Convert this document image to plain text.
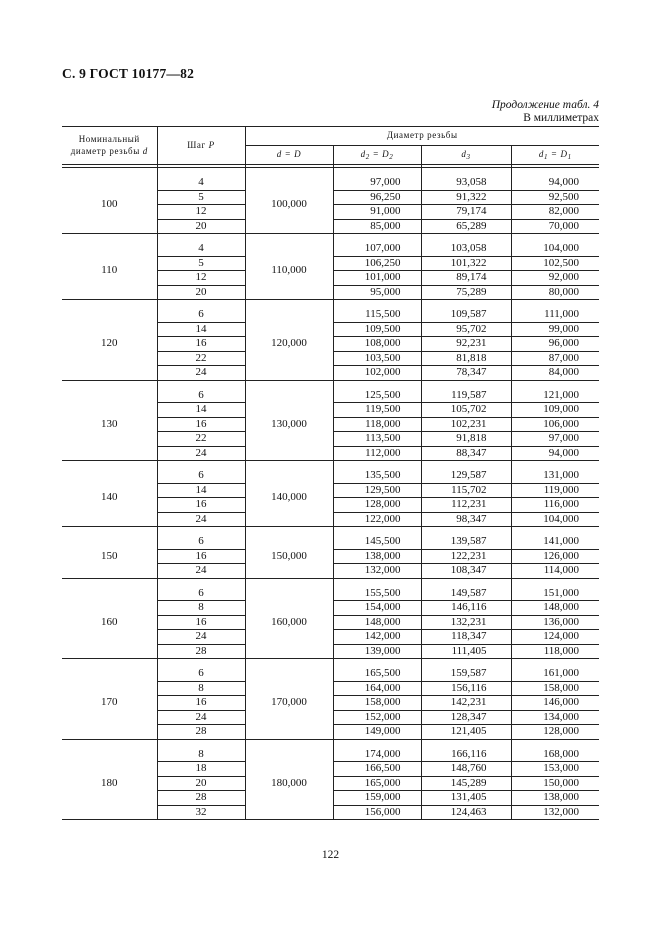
С. 9 ГОСТ 10177—82
Продолжение табл. 4
В миллиметрах
Номинальный
диаметр резьбы d	Шаг P	Диаметр резьбы			
		d = D	$d_2 = D_2$	$d_3$	$d_1 = D_1$

100	4	100,000	97,000	93,058	94,000
	5		96,250	91,322	92,500
	12		91,000	79,174	82,000
	20		85,000	65,289	70,000

110	4	110,000	107,000	103,058	104,000
	5		106,250	101,322	102,500
	12		101,000	89,174	92,000
	20		95,000	75,289	80,000

120	6	120,000	115,500	109,587	111,000
	14		109,500	95,702	99,000
	16		108,000	92,231	96,000
	22		103,500	81,818	87,000
	24		102,000	78,347	84,000

130	6	130,000	125,500	119,587	121,000
	14		119,500	105,702	109,000
	16		118,000	102,231	106,000
	22		113,500	91,818	97,000
	24		112,000	88,347	94,000

140	6	140,000	135,500	129,587	131,000
	14		129,500	115,702	119,000
	16		128,000	112,231	116,000
	24		122,000	98,347	104,000

150	6	150,000	145,500	139,587	141,000
	16		138,000	122,231	126,000
	24		132,000	108,347	114,000

160	6	160,000	155,500	149,587	151,000
	8		154,000	146,116	148,000
	16		148,000	132,231	136,000
	24		142,000	118,347	124,000
	28		139,000	111,405	118,000

170	6	170,000	165,500	159,587	161,000
	8		164,000	156,116	158,000
	16		158,000	142,231	146,000
	24		152,000	128,347	134,000
	28		149,000	121,405	128,000

180	8	180,000	174,000	166,116	168,000
	18		166,500	148,760	153,000
	20		165,000	145,289	150,000
	28		159,000	131,405	138,000
	32		156,000	124,463	132,000
122
